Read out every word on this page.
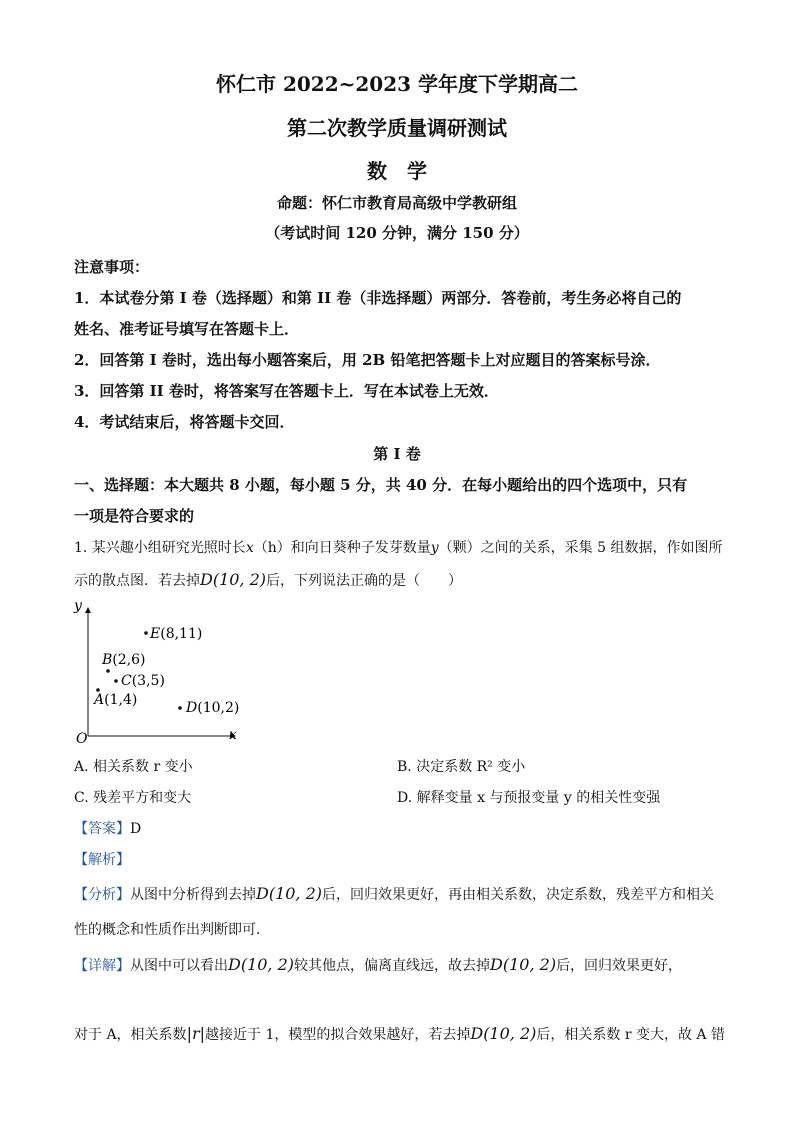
怀仁市 2022~2023 学年度下学期高二
第二次教学质量调研测试
数　学
命题：怀仁市教育局高级中学教研组
（考试时间 120 分钟，满分 150 分）
注意事项：
1．本试卷分第 I 卷（选择题）和第 II 卷（非选择题）两部分．答卷前，考生务必将自己的
姓名、准考证号填写在答题卡上．
2．回答第 I 卷时，选出每小题答案后，用 2B 铅笔把答题卡上对应题目的答案标号涂．
3．回答第 II 卷时，将答案写在答题卡上．写在本试卷上无效．
4．考试结束后，将答题卡交回．
第 I 卷
一、选择题：本大题共 8 小题，每小题 5 分，共 40 分．在每小题给出的四个选项中，只有
一项是符合要求的
1. 某兴趣小组研究光照时长x（h）和向日葵种子发芽数量y（颗）之间的关系，采集 5 组数据，作如图所
示的散点图．若去掉D(10, 2)后，下列说法正确的是（　　）
y
x
O
A(1,4)
B(2,6)
C(3,5)
D(10,2)
E(8,11)
A. 相关系数 r 变小	B. 决定系数 R² 变小
C. 残差平方和变大	D. 解释变量 x 与预报变量 y 的相关性变强
【答案】D
【解析】
【分析】从图中分析得到去掉D(10, 2)后，回归效果更好，再由相关系数，决定系数，残差平方和相关
性的概念和性质作出判断即可．
【详解】从图中可以看出D(10, 2)较其他点，偏离直线远，故去掉D(10, 2)后，回归效果更好，
对于 A，相关系数|r|越接近于 1，模型的拟合效果越好，若去掉D(10, 2)后，相关系数 r 变大，故 A 错
